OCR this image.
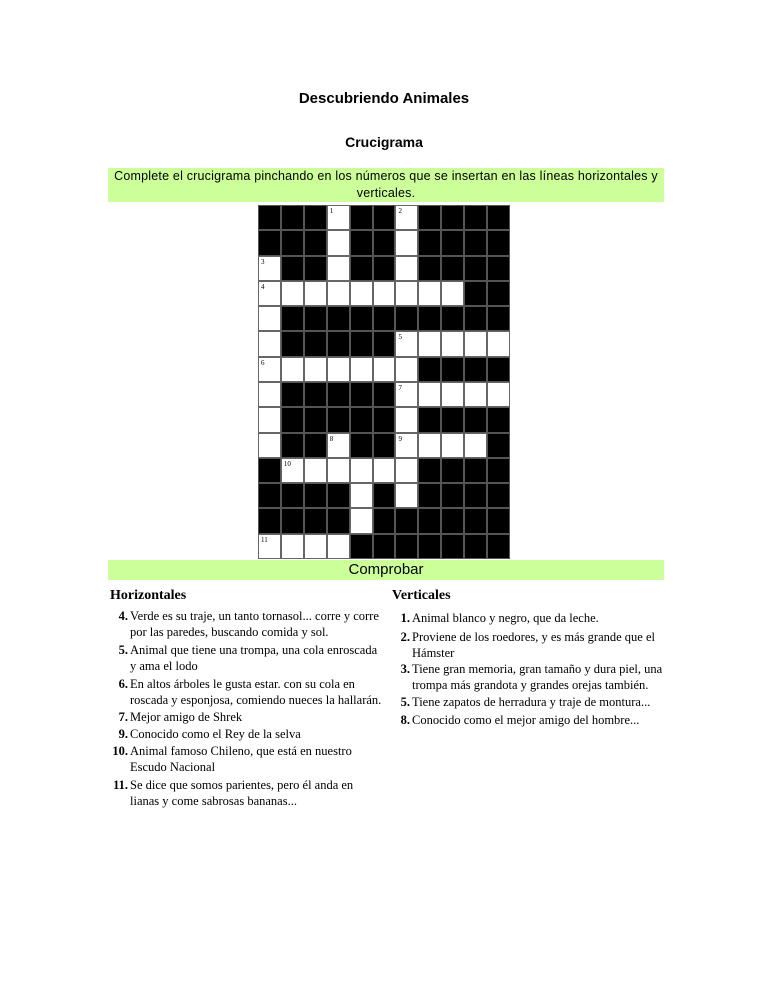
Descubriendo Animales
Crucigrama
Complete el crucigrama pinchando en los números que se insertan en las líneas horizontales y verticales.
1	2
3
4
5
6
7
8	9
10
11
Comprobar
Horizontales	Verticales
4. Verde es su traje, un tanto tornasol... corre y corre por las paredes, buscando comida y sol.
5. Animal que tiene una trompa, una cola enroscada y ama el lodo
6. En altos árboles le gusta estar. con su cola en roscada y esponjosa, comiendo nueces la hallarán.
7. Mejor amigo de Shrek
9. Conocido como el Rey de la selva
10. Animal famoso Chileno, que está en nuestro Escudo Nacional
11. Se dice que somos parientes, pero él anda en lianas y come sabrosas bananas...
1. Animal blanco y negro, que da leche.
2. Proviene de los roedores, y es más grande que el Hámster
3. Tiene gran memoria, gran tamaño y dura piel, una trompa más grandota y grandes orejas también.
5. Tiene zapatos de herradura y traje de montura...
8. Conocido como el mejor amigo del hombre...
